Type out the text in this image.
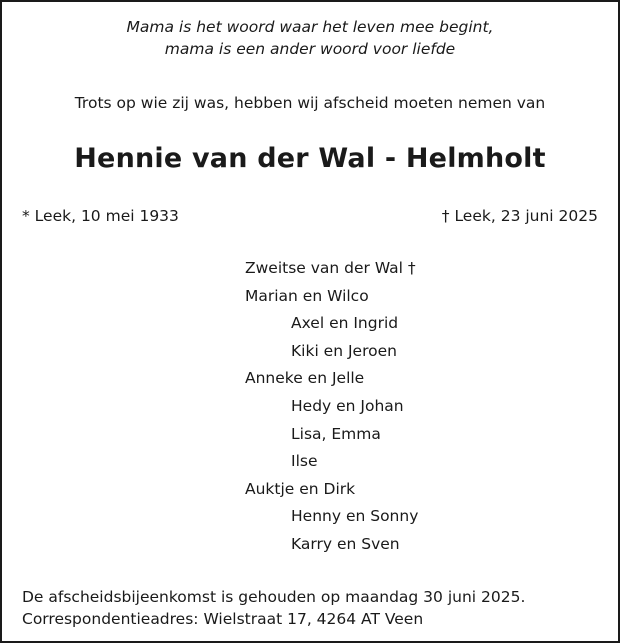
Mama is het woord waar het leven mee begint,
mama is een ander woord voor liefde
Trots op wie zij was, hebben wij afscheid moeten nemen van
Hennie van der Wal - Helmholt
* Leek, 10 mei 1933	† Leek, 23 juni 2025
Zweitse van der Wal †
Marian en Wilco
Axel en Ingrid
Kiki en Jeroen
Anneke en Jelle
Hedy en Johan
Lisa, Emma
Ilse
Auktje en Dirk
Henny en Sonny
Karry en Sven
De afscheidsbijeenkomst is gehouden op maandag 30 juni 2025.
Correspondentieadres: Wielstraat 17, 4264 AT Veen
